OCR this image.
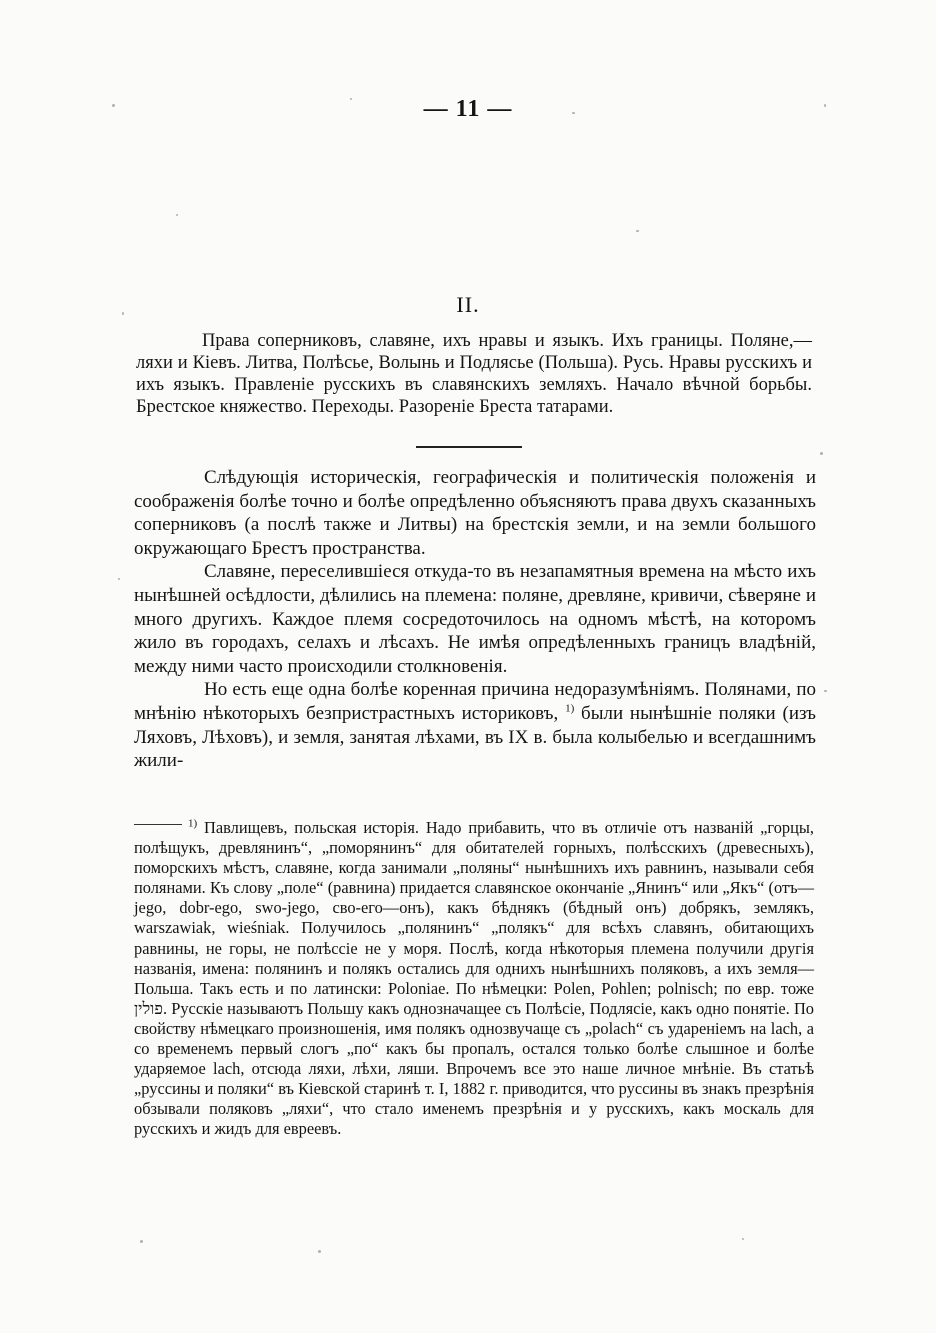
— 11 —
II.

Права соперниковъ, славяне, ихъ нравы и языкъ. Ихъ границы. Поляне,—ляхи и Кіевъ. Литва, Полѣсье, Волынь и Подлясье (Польша). Русь. Нравы русскихъ и ихъ языкъ. Правленіе русскихъ въ славянскихъ земляхъ. Начало вѣчной борьбы. Брестское княжество. Переходы. Разореніе Бреста татарами.

Слѣдующія историческія, географическія и политическія положенія и соображенія болѣе точно и болѣе опредѣленно объясняютъ права двухъ сказанныхъ соперниковъ (а послѣ также и Литвы) на брестскія земли, и на земли большого окружающаго Брестъ пространства.

Славяне, переселившіеся откуда-то въ незапамятныя времена на мѣсто ихъ нынѣшней осѣдлости, дѣлились на племена: поляне, древляне, кривичи, сѣверяне и много другихъ. Каждое племя сосредоточилось на одномъ мѣстѣ, на которомъ жило въ городахъ, селахъ и лѣсахъ. Не имѣя опредѣленныхъ границъ владѣній, между ними часто происходили столкновенія.

Но есть еще одна болѣе коренная причина недоразумѣніямъ. Полянами, по мнѣнію нѣкоторыхъ безпристрастныхъ историковъ, $^{1)}$ были нынѣшніе поляки (изъ Ляховъ, Лѣховъ), и земля, занятая лѣхами, въ IX в. была колыбелью и всегдашнимъ жили-

$^{1)}$ Павлищевъ, польская исторія. Надо прибавить, что въ отличіе отъ названій „горцы, полѣщукъ, древлянинъ“, „поморянинъ“ для обитателей горныхъ, полѣсскихъ (древесныхъ), поморскихъ мѣстъ, славяне, когда занимали „поляны“ нынѣшнихъ ихъ равнинъ, называли себя полянами. Къ слову „поле“ (равнина) придается славянское окончаніе „Янинъ“ или „Якъ“ (отъ—jego, dobr-ego, swo-jego, сво-его—онъ), какъ бѣднякъ (бѣдный онъ) добрякъ, землякъ, warszawiak, wieśniak. Получилось „полянинъ“ „полякъ“ для всѣхъ славянъ, обитающихъ равнины, не горы, не полѣсcіе не у моря. Послѣ, когда нѣкоторыя племена получили другія названія, имена: полянинъ и полякъ остались для однихъ нынѣшнихъ поляковъ, а ихъ земля—Польша. Такъ есть и по латински: Poloniae. По нѣмецки: Polen, Pohlen; polnisch; по евр. тоже פולין. Русскіе называютъ Польшу какъ однозначащее съ Полѣсіе, Подлясіе, какъ одно понятіе. По свойству нѣмецкаго произношенія, имя полякъ однозвучаще съ „polach“ съ удареніемъ на lach, а со временемъ первый слогъ „по“ какъ бы пропалъ, остался только болѣе слышное и болѣе ударяемое lach, отсюда ляхи, лѣхи, ляши. Впрочемъ все это наше личное мнѣніе. Въ статьѣ „руссины и поляки“ въ Кіевской старинѣ т. I, 1882 г. приводится, что руссины въ знакъ презрѣнія обзывали поляковъ „ляхи“, что стало именемъ презрѣнія и у русскихъ, какъ москаль для русскихъ и жидъ для евреевъ.
